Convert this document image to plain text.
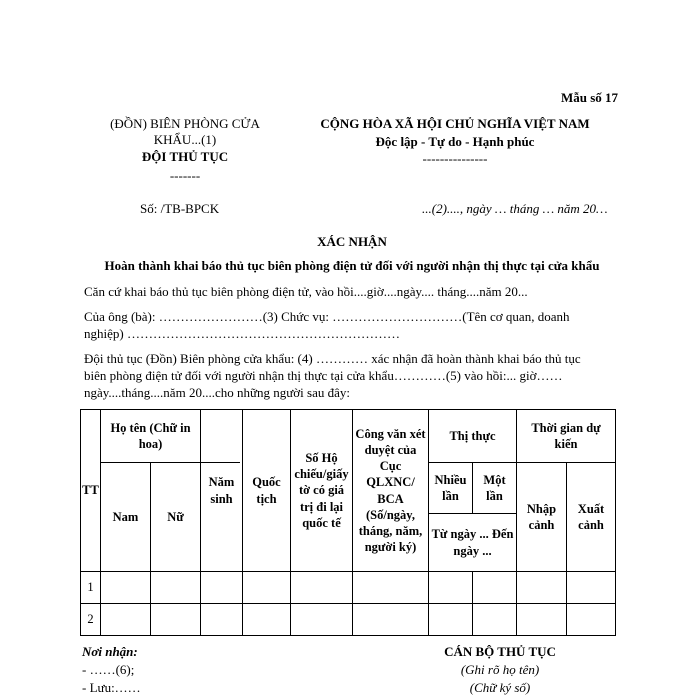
Mẫu số 17
(ĐỒN) BIÊN PHÒNG CỬA
KHẨU...(1)
ĐỘI THỦ TỤC
-------
CỘNG HÒA XÃ HỘI CHỦ NGHĨA VIỆT NAM
Độc lập - Tự do - Hạnh phúc
---------------
Số: /TB-BPCK	...(2)...., ngày … tháng … năm 20…
XÁC NHẬN
Hoàn thành khai báo thủ tục biên phòng điện tử đối với người nhận thị thực tại cửa khẩu
Căn cứ khai báo thủ tục biên phòng điện tử, vào hồi....giờ....ngày.... tháng....năm 20...
Của ông (bà): ……………………(3) Chức vụ: …………………………(Tên cơ quan, doanh
nghiệp) ………………………………………………………
Đội thủ tục (Đồn) Biên phòng cửa khẩu: (4) ………… xác nhận đã hoàn thành khai báo thủ tục
biên phòng điện tử đối với người nhận thị thực tại cửa khẩu…………(5) vào hồi:... giờ……
ngày....tháng....năm 20....cho những người sau đây:
TT
Họ tên (Chữ in hoa)
Nam	Nữ
Năm sinh
Quốc tịch
Số Hộ chiếu/giấy tờ có giá trị đi lại quốc tế
Công văn xét duyệt của Cục QLXNC/ BCA (Số/ngày, tháng, năm, người ký)
Thị thực
Nhiều lần
Một lần
Từ ngày ... Đến ngày ...
Thời gian dự kiến
Nhập cảnh
Xuất cảnh
1
2
Nơi nhận:
- ……(6);
- Lưu:……
CÁN BỘ THỦ TỤC
(Ghi rõ họ tên)
(Chữ ký số)
